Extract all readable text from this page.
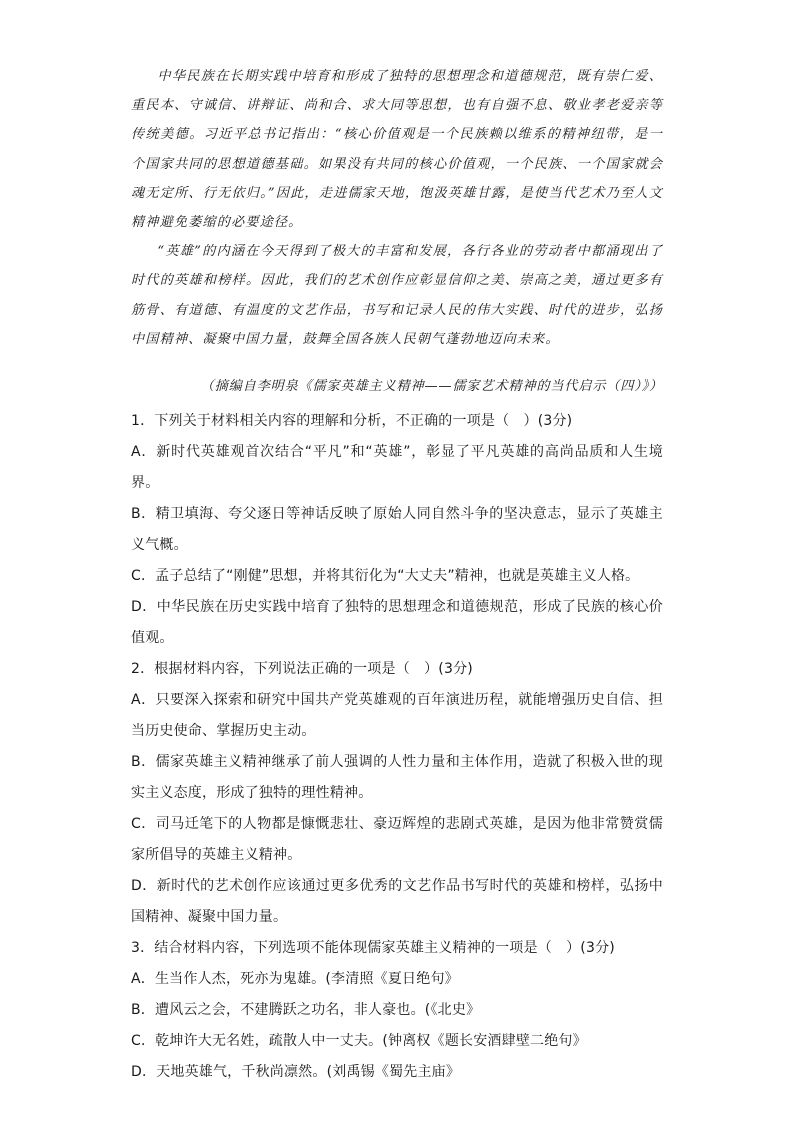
中华民族在长期实践中培育和形成了独特的思想理念和道德规范，既有崇仁爱、重民本、守诚信、讲辩证、尚和合、求大同等思想，也有自强不息、敬业孝老爱亲等传统美德。习近平总书记指出：“核心价值观是一个民族赖以维系的精神纽带，是一个国家共同的思想道德基础。如果没有共同的核心价值观，一个民族、一个国家就会魂无定所、行无依归。”因此，走进儒家天地，饱汲英雄甘露，是使当代艺术乃至人文精神避免萎缩的必要途径。

“英雄”的内涵在今天得到了极大的丰富和发展，各行各业的劳动者中都涌现出了时代的英雄和榜样。因此，我们的艺术创作应彰显信仰之美、崇高之美，通过更多有筋骨、有道德、有温度的文艺作品，书写和记录人民的伟大实践、时代的进步，弘扬中国精神、凝聚中国力量，鼓舞全国各族人民朝气蓬勃地迈向未来。

（摘编自李明泉《儒家英雄主义精神——儒家艺术精神的当代启示（四）》）

1．下列关于材料相关内容的理解和分析，不正确的一项是（　）(3分)

A．新时代英雄观首次结合“平凡”和“英雄”，彰显了平凡英雄的高尚品质和人生境界。

B．精卫填海、夸父逐日等神话反映了原始人同自然斗争的坚决意志，显示了英雄主义气概。

C．孟子总结了“刚健”思想，并将其衍化为“大丈夫”精神，也就是英雄主义人格。

D．中华民族在历史实践中培育了独特的思想理念和道德规范，形成了民族的核心价值观。

2．根据材料内容，下列说法正确的一项是（　）(3分)

A．只要深入探索和研究中国共产党英雄观的百年演进历程，就能增强历史自信、担当历史使命、掌握历史主动。

B．儒家英雄主义精神继承了前人强调的人性力量和主体作用，造就了积极入世的现实主义态度，形成了独特的理性精神。

C．司马迁笔下的人物都是慷慨悲壮、豪迈辉煌的悲剧式英雄，是因为他非常赞赏儒家所倡导的英雄主义精神。

D．新时代的艺术创作应该通过更多优秀的文艺作品书写时代的英雄和榜样，弘扬中国精神、凝聚中国力量。

3．结合材料内容，下列选项不能体现儒家英雄主义精神的一项是（　）(3分)

A．生当作人杰，死亦为鬼雄。(李清照《夏日绝句》

B．遭风云之会，不建腾跃之功名，非人豪也。(《北史》

C．乾坤许大无名姓，疏散人中一丈夫。(钟离权《题长安酒肆壁二绝句》

D．天地英雄气，千秋尚凛然。(刘禹锡《蜀先主庙》
